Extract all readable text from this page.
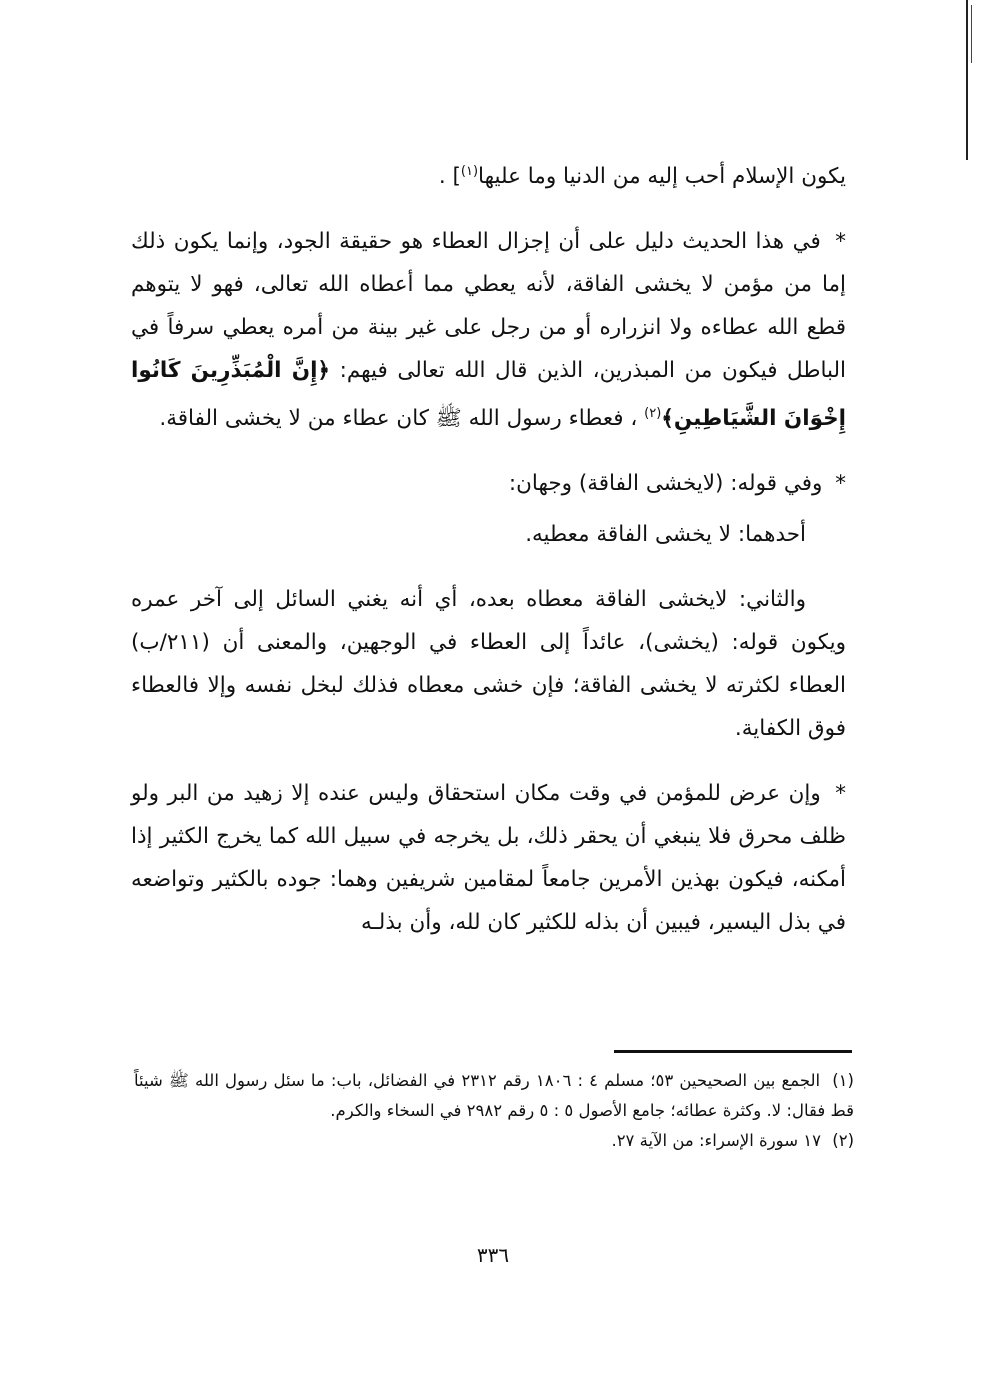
يكون الإسلام أحب إليه من الدنيا وما عليها$^{(١)}$] .

* في هذا الحديث دليل على أن إجزال العطاء هو حقيقة الجود، وإنما يكون ذلك إما من مؤمن لا يخشى الفاقة، لأنه يعطي مما أعطاه الله تعالى، فهو لا يتوهم قطع الله عطاءه ولا انزراره أو من رجل على غير بينة من أمره يعطي سرفاً في الباطل فيكون من المبذرين، الذين قال الله تعالى فيهم: ﴿إِنَّ الْمُبَذِّرِينَ كَانُوا إِخْوَانَ الشَّيَاطِينِ﴾$^{(٢)}$ ، فعطاء رسول الله ﷺ كان عطاء من لا يخشى الفاقة.

* وفي قوله: (لايخشى الفاقة) وجهان:

أحدهما: لا يخشى الفاقة معطيه.

والثاني: لايخشى الفاقة معطاه بعده، أي أنه يغني السائل إلى آخر عمره ويكون قوله: (يخشى)، عائداً إلى العطاء في الوجهين، والمعنى أن (٢١١/ب) العطاء لكثرته لا يخشى الفاقة؛ فإن خشى معطاه فذلك لبخل نفسه وإلا فالعطاء فوق الكفاية.

* وإن عرض للمؤمن في وقت مكان استحقاق وليس عنده إلا زهيد من البر ولو ظلف محرق فلا ينبغي أن يحقر ذلك، بل يخرجه في سبيل الله كما يخرج الكثير إذا أمكنه، فيكون بهذين الأمرين جامعاً لمقامين شريفين وهما: جوده بالكثير وتواضعه في بذل اليسير، فيبين أن بذله للكثير كان لله، وأن بذلـه

(١) الجمع بين الصحيحين ٥٣؛ مسلم ٤ : ١٨٠٦ رقم ٢٣١٢ في الفضائل، باب: ما سئل رسول الله ﷺ شيئاً قط فقال: لا. وكثرة عطائه؛ جامع الأصول ٥ : ٥ رقم ٢٩٨٢ في السخاء والكرم.

(٢) ١٧ سورة الإسراء: من الآية ٢٧.

٣٣٦
